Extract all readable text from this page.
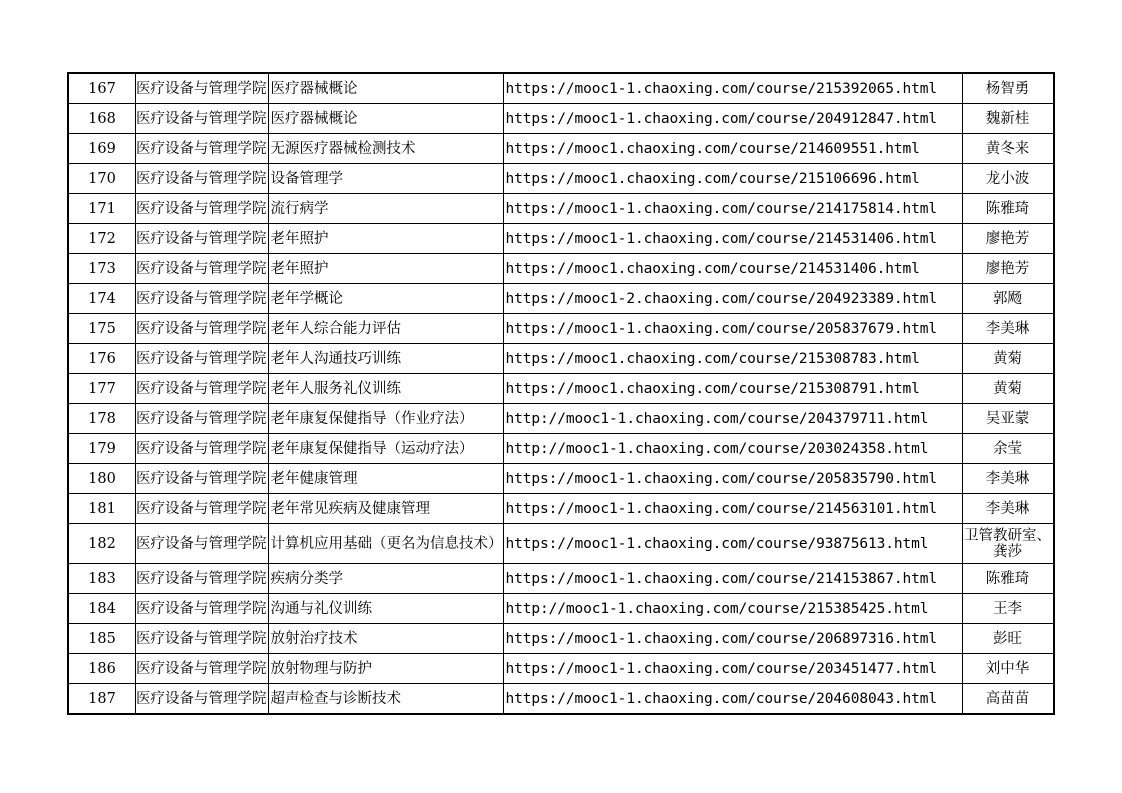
167	医疗设备与管理学院	医疗器械概论	https://mooc1-1.chaoxing.com/course/215392065.html	杨智勇
168	医疗设备与管理学院	医疗器械概论	https://mooc1-1.chaoxing.com/course/204912847.html	魏新桂
169	医疗设备与管理学院	无源医疗器械检测技术	https://mooc1.chaoxing.com/course/214609551.html	黄冬来
170	医疗设备与管理学院	设备管理学	https://mooc1.chaoxing.com/course/215106696.html	龙小波
171	医疗设备与管理学院	流行病学	https://mooc1-1.chaoxing.com/course/214175814.html	陈雅琦
172	医疗设备与管理学院	老年照护	https://mooc1-1.chaoxing.com/course/214531406.html	廖艳芳
173	医疗设备与管理学院	老年照护	https://mooc1.chaoxing.com/course/214531406.html	廖艳芳
174	医疗设备与管理学院	老年学概论	https://mooc1-2.chaoxing.com/course/204923389.html	郭飏
175	医疗设备与管理学院	老年人综合能力评估	https://mooc1-1.chaoxing.com/course/205837679.html	李美琳
176	医疗设备与管理学院	老年人沟通技巧训练	https://mooc1.chaoxing.com/course/215308783.html	黄菊
177	医疗设备与管理学院	老年人服务礼仪训练	https://mooc1.chaoxing.com/course/215308791.html	黄菊
178	医疗设备与管理学院	老年康复保健指导（作业疗法）	http://mooc1-1.chaoxing.com/course/204379711.html	吴亚蒙
179	医疗设备与管理学院	老年康复保健指导（运动疗法）	http://mooc1-1.chaoxing.com/course/203024358.html	余莹
180	医疗设备与管理学院	老年健康管理	https://mooc1-1.chaoxing.com/course/205835790.html	李美琳
181	医疗设备与管理学院	老年常见疾病及健康管理	https://mooc1-1.chaoxing.com/course/214563101.html	李美琳
182	医疗设备与管理学院	计算机应用基础（更名为信息技术）	https://mooc1-1.chaoxing.com/course/93875613.html	卫管教研室、龚莎
183	医疗设备与管理学院	疾病分类学	https://mooc1-1.chaoxing.com/course/214153867.html	陈雅琦
184	医疗设备与管理学院	沟通与礼仪训练	http://mooc1-1.chaoxing.com/course/215385425.html	王李
185	医疗设备与管理学院	放射治疗技术	https://mooc1-1.chaoxing.com/course/206897316.html	彭旺
186	医疗设备与管理学院	放射物理与防护	https://mooc1-1.chaoxing.com/course/203451477.html	刘中华
187	医疗设备与管理学院	超声检查与诊断技术	https://mooc1-1.chaoxing.com/course/204608043.html	高苗苗
